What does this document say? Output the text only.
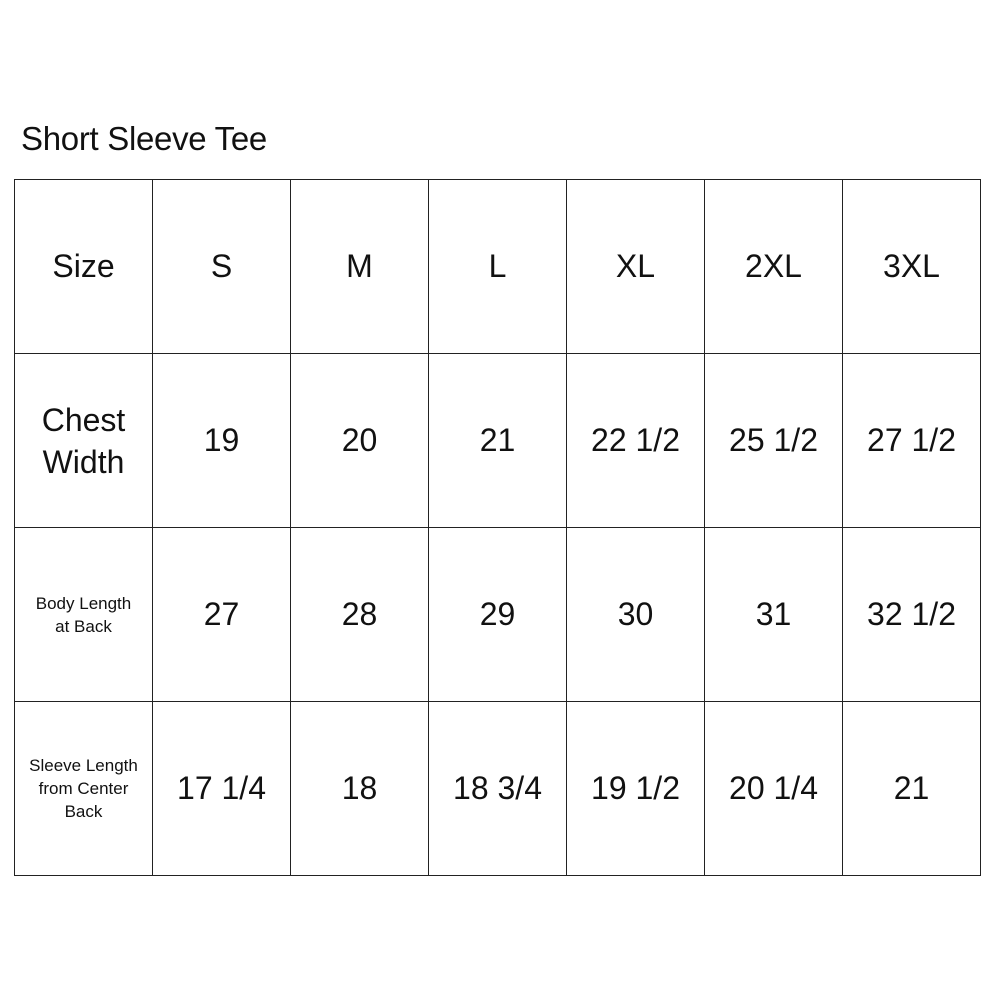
Short Sleeve Tee
Size	S	M	L	XL	2XL	3XL
Chest
Width	19	20	21	22 1/2	25 1/2	27 1/2
Body Length
at Back	27	28	29	30	31	32 1/2
Sleeve Length
from Center
Back	17 1/4	18	18 3/4	19 1/2	20 1/4	21
